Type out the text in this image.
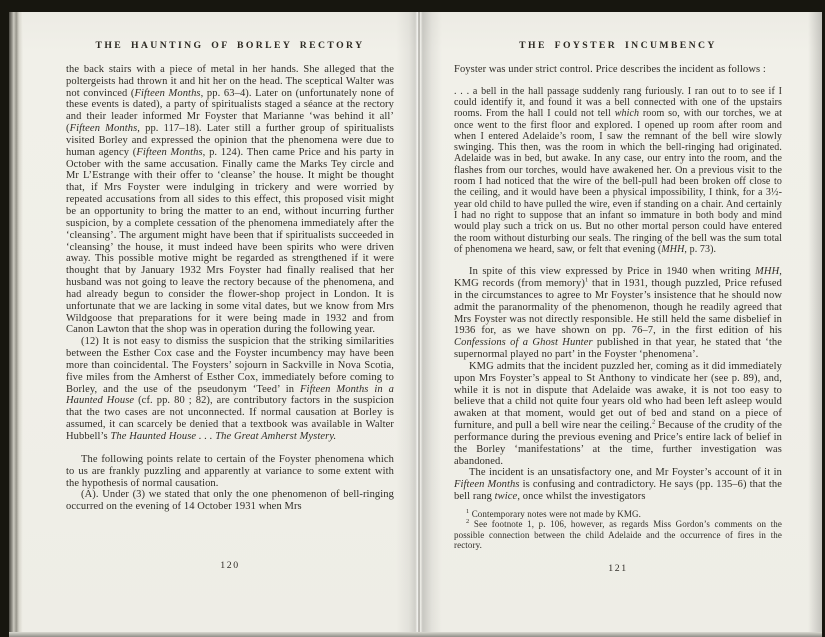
THE HAUNTING OF BORLEY RECTORY

the back stairs with a piece of metal in her hands. She alleged that the poltergeists had thrown it and hit her on the head. The sceptical Walter was not convinced (Fifteen Months, pp. 63–4). Later on (unfortunately none of these events is dated), a party of spiritualists staged a séance at the rectory and their leader informed Mr Foyster that Marianne ‘was behind it all’ (Fifteen Months, pp. 117–18). Later still a further group of spiritualists visited Borley and expressed the opinion that the phenomena were due to human agency (Fifteen Months, p. 124). Then came Price and his party in October with the same accusation. Finally came the Marks Tey circle and Mr L’Estrange with their offer to ‘cleanse’ the house. It might be thought that, if Mrs Foyster were indulging in trickery and were worried by repeated accusations from all sides to this effect, this proposed visit might be an opportunity to bring the matter to an end, without incurring further suspicion, by a complete cessation of the phenomena immediately after the ‘cleansing’. The argument might have been that if spiritualists succeeded in ‘cleansing’ the house, it must indeed have been spirits who were driven away. This possible motive might be regarded as strengthened if it were thought that by January 1932 Mrs Foyster had finally realised that her husband was not going to leave the rectory because of the phenomena, and had already begun to consider the flower-shop project in London. It is unfortunate that we are lacking in some vital dates, but we know from Mrs Wildgoose that preparations for it were being made in 1932 and from Canon Lawton that the shop was in operation during the following year.

(12) It is not easy to dismiss the suspicion that the striking similarities between the Esther Cox case and the Foyster incumbency may have been more than coincidental. The Foysters’ sojourn in Sackville in Nova Scotia, five miles from the Amherst of Esther Cox, immediately before coming to Borley, and the use of the pseudonym ‘Teed’ in Fifteen Months in a Haunted House (cf. pp. 80 ; 82), are contributory factors in the suspicion that the two cases are not unconnected. If normal causation at Borley is assumed, it can scarcely be denied that a textbook was available in Walter Hubbell’s The Haunted House . . . The Great Amherst Mystery.

The following points relate to certain of the Foyster phenomena which to us are frankly puzzling and apparently at variance to some extent with the hypothesis of normal causation.

(A). Under (3) we stated that only the one phenomenon of bell-ringing occurred on the evening of 14 October 1931 when Mrs

120
THE FOYSTER INCUMBENCY

Foyster was under strict control. Price describes the incident as follows :

. . . a bell in the hall passage suddenly rang furiously. I ran out to to see if I could identify it, and found it was a bell connected with one of the upstairs rooms. From the hall I could not tell which room so, with our torches, we at once went to the first floor and explored. I opened up room after room and when I entered Adelaide’s room, I saw the remnant of the bell wire slowly swinging. This then, was the room in which the bell-ringing had originated. Adelaide was in bed, but awake. In any case, our entry into the room, and the flashes from our torches, would have awakened her. On a previous visit to the room I had noticed that the wire of the bell-pull had been broken off close to the ceiling, and it would have been a physical impossibility, I think, for a 3½-year old child to have pulled the wire, even if standing on a chair. And certainly I had no right to suppose that an infant so immature in both body and mind would play such a trick on us. But no other mortal person could have entered the room without disturbing our seals. The ringing of the bell was the sum total of phenomena we heard, saw, or felt that evening (MHH, p. 73).

In spite of this view expressed by Price in 1940 when writing MHH, KMG records (from memory)$^1$ that in 1931, though puzzled, Price refused in the circumstances to agree to Mr Foyster’s insistence that he should now admit the paranormality of the phenomenon, though he readily agreed that Mrs Foyster was not directly responsible. He still held the same disbelief in 1936 for, as we have shown on pp. 76–7, in the first edition of his Confessions of a Ghost Hunter published in that year, he stated that ‘the supernormal played no part’ in the Foyster ‘phenomena’.

KMG admits that the incident puzzled her, coming as it did immediately upon Mrs Foyster’s appeal to St Anthony to vindicate her (see p. 89), and, while it is not in dispute that Adelaide was awake, it is not too easy to believe that a child not quite four years old who had been left asleep would awaken at that moment, would get out of bed and stand on a piece of furniture, and pull a bell wire near the ceiling.$^2$ Because of the crudity of the performance during the previous evening and Price’s entire lack of belief in the Borley ‘manifestations’ at the time, further investigation was abandoned.

The incident is an unsatisfactory one, and Mr Foyster’s account of it in Fifteen Months is confusing and contradictory. He says (pp. 135–6) that the bell rang twice, once whilst the investigators

$^1$ Contemporary notes were not made by KMG.

$^2$ See footnote 1, p. 106, however, as regards Miss Gordon’s comments on the possible connection between the child Adelaide and the occurrence of fires in the rectory.

121
